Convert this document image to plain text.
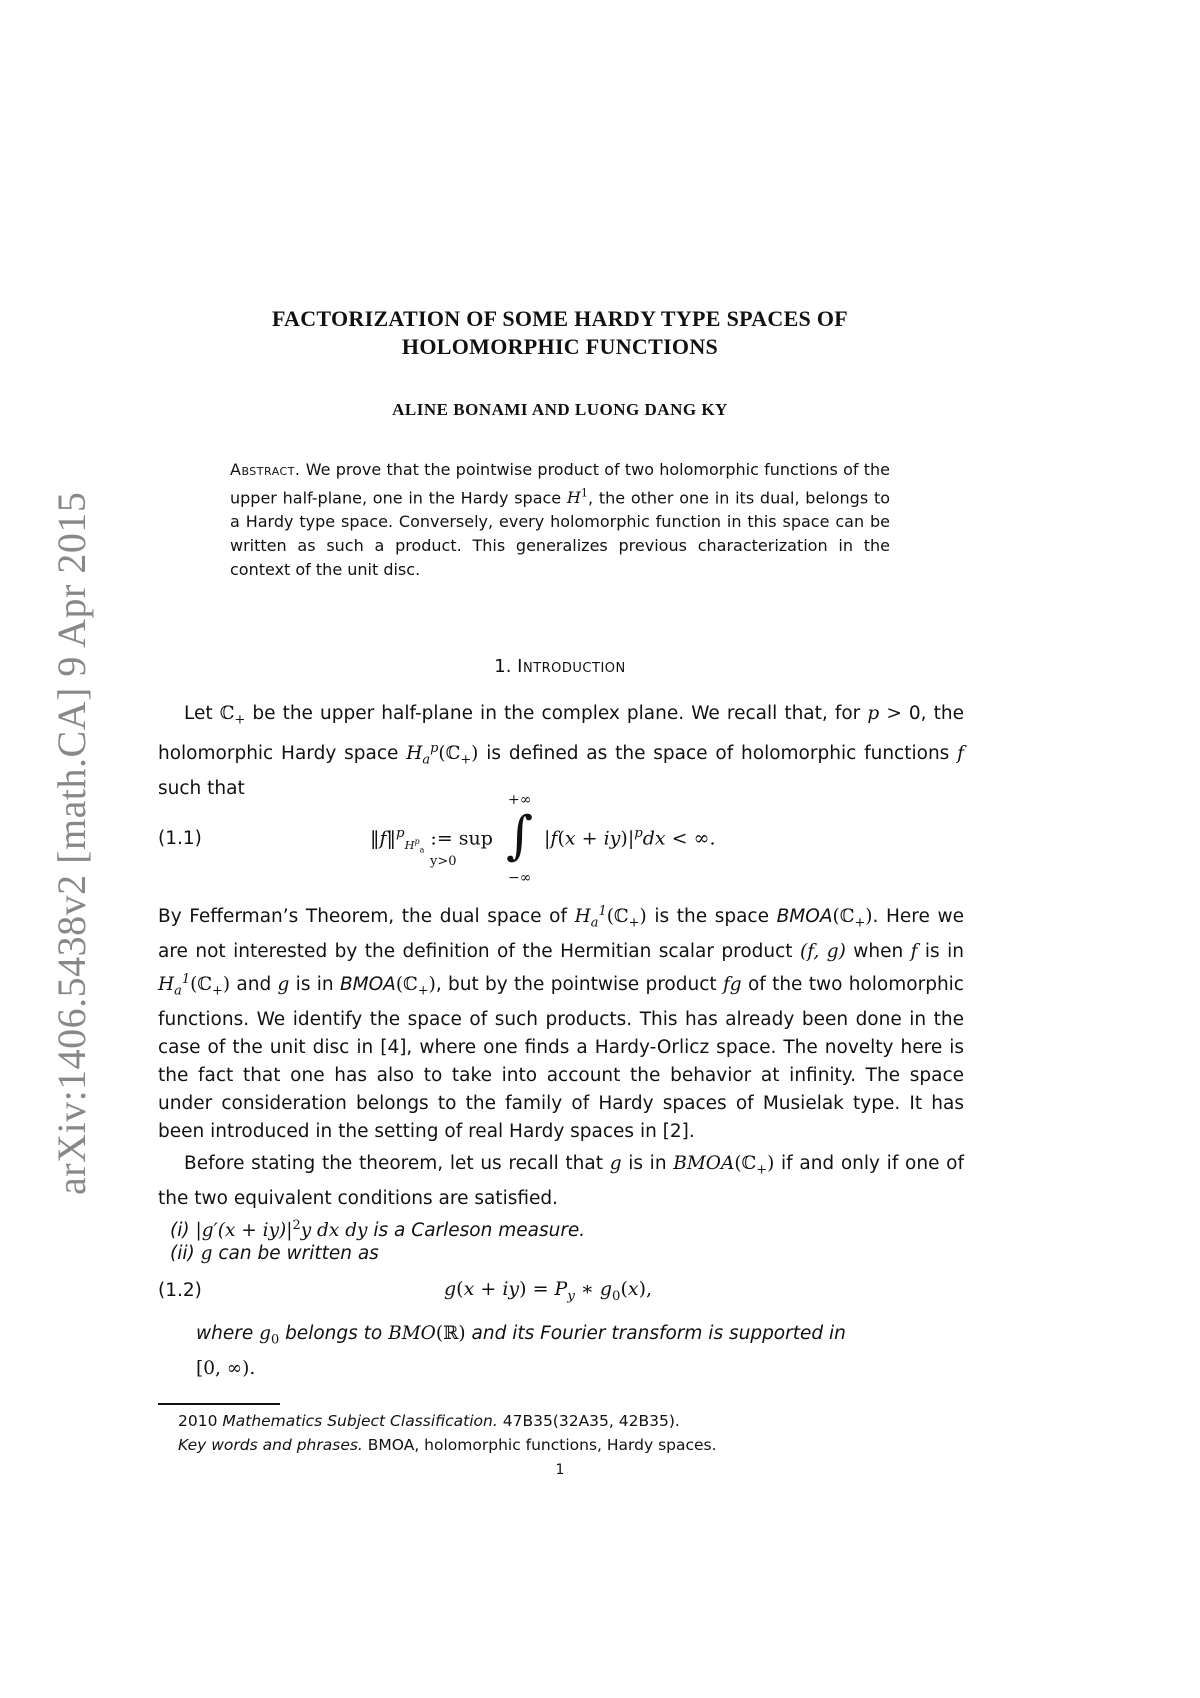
arXiv:1406.5438v2 [math.CA] 9 Apr 2015
FACTORIZATION OF SOME HARDY TYPE SPACES OF
HOLOMORPHIC FUNCTIONS
ALINE BONAMI AND LUONG DANG KY
Abstract. We prove that the pointwise product of two holomorphic functions of the upper half-plane, one in the Hardy space $H^1$, the other one in its dual, belongs to a Hardy type space. Conversely, every holomorphic function in this space can be written as such a product. This generalizes previous characterization in the context of the unit disc.
1. Introduction

Let ℂ$_+$ be the upper half-plane in the complex plane. We recall that, for p > 0, the holomorphic Hardy space $H_a^p(ℂ_+)$ is defined as the space of holomorphic functions f such that

(1.1)	‖f‖$^p_{H^p_a}$ := sup
y>0
+∞
∫
−∞
$|f(x + iy)|^pdx$ < ∞.

By Fefferman’s Theorem, the dual space of $H_a^1(ℂ_+)$ is the space BMOA(ℂ$_+$). Here we are not interested by the definition of the Hermitian scalar product (f, g) when f is in $H_a^1(ℂ_+)$ and g is in BMOA(ℂ$_+$), but by the pointwise product fg of the two holomorphic functions. We identify the space of such products. This has already been done in the case of the unit disc in [4], where one finds a Hardy-Orlicz space. The novelty here is the fact that one has also to take into account the behavior at infinity. The space under consideration belongs to the family of Hardy spaces of Musielak type. It has been introduced in the setting of real Hardy spaces in [2].

Before stating the theorem, let us recall that g is in BMOA(ℂ$_+$) if and only if one of the two equivalent conditions are satisfied.

(i) $|g'(x + iy)|^2y$ dx dy is a Carleson measure.
(ii) g can be written as
(1.2)	$g(x + iy) = P_y$ ∗ $g_0(x)$,
where $g_0$ belongs to BMO(ℝ) and its Fourier transform is supported in
[0, ∞).
2010 Mathematics Subject Classification. 47B35(32A35, 42B35).
Key words and phrases. BMOA, holomorphic functions, Hardy spaces.
1
